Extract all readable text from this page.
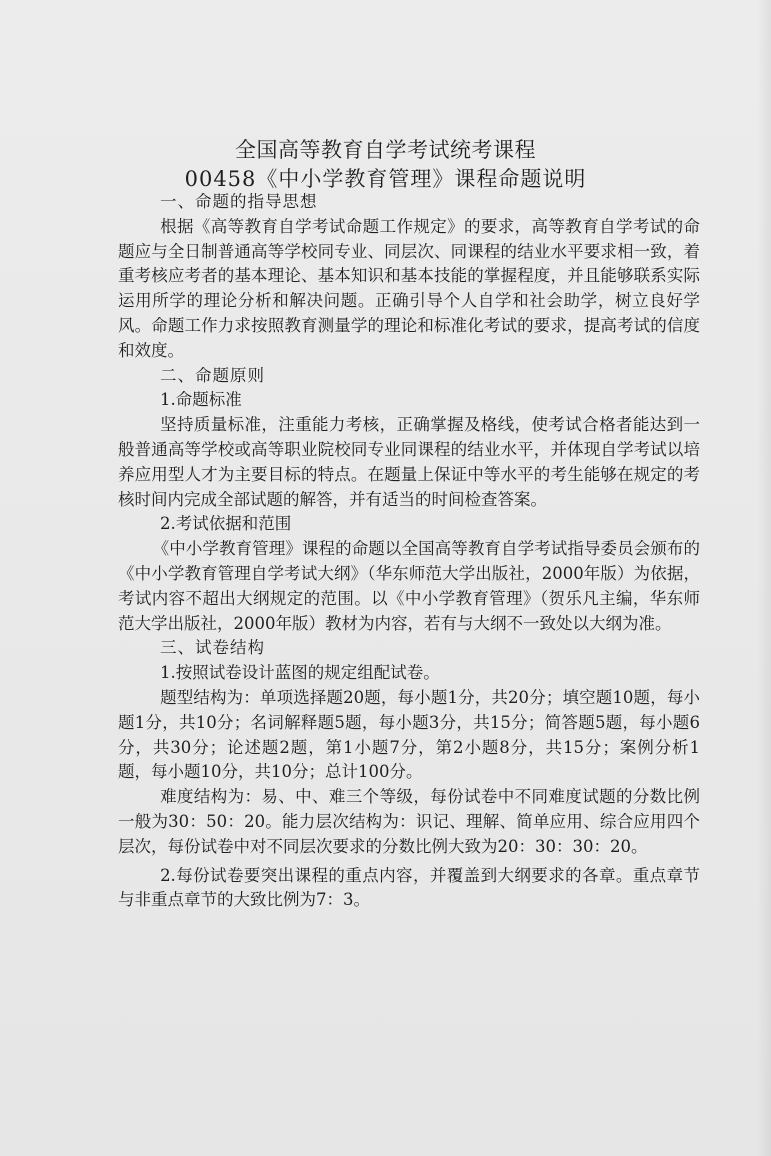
全国高等教育自学考试统考课程
00458《中小学教育管理》课程命题说明

一、命题的指导思想

根据《高等教育自学考试命题工作规定》的要求，高等教育自学考试的命题应与全日制普通高等学校同专业、同层次、同课程的结业水平要求相一致，着重考核应考者的基本理论、基本知识和基本技能的掌握程度，并且能够联系实际运用所学的理论分析和解决问题。正确引导个人自学和社会助学，树立良好学风。命题工作力求按照教育测量学的理论和标准化考试的要求，提高考试的信度和效度。

二、命题原则

1.命题标准

坚持质量标准，注重能力考核，正确掌握及格线，使考试合格者能达到一般普通高等学校或高等职业院校同专业同课程的结业水平，并体现自学考试以培养应用型人才为主要目标的特点。在题量上保证中等水平的考生能够在规定的考核时间内完成全部试题的解答，并有适当的时间检查答案。

2.考试依据和范围

《中小学教育管理》课程的命题以全国高等教育自学考试指导委员会颁布的《中小学教育管理自学考试大纲》（华东师范大学出版社，2000年版）为依据，考试内容不超出大纲规定的范围。以《中小学教育管理》（贺乐凡主编，华东师范大学出版社，2000年版）教材为内容，若有与大纲不一致处以大纲为准。

三、试卷结构

1.按照试卷设计蓝图的规定组配试卷。

题型结构为：单项选择题20题，每小题1分，共20分；填空题10题，每小题1分，共10分；名词解释题5题，每小题3分，共15分；简答题5题，每小题6分，共30分；论述题2题，第1小题7分，第2小题8分，共15分；案例分析1题，每小题10分，共10分；总计100分。

难度结构为：易、中、难三个等级，每份试卷中不同难度试题的分数比例一般为30：50：20。能力层次结构为：识记、理解、简单应用、综合应用四个层次，每份试卷中对不同层次要求的分数比例大致为20：30：30：20。

2.每份试卷要突出课程的重点内容，并覆盖到大纲要求的各章。重点章节与非重点章节的大致比例为7：3。
